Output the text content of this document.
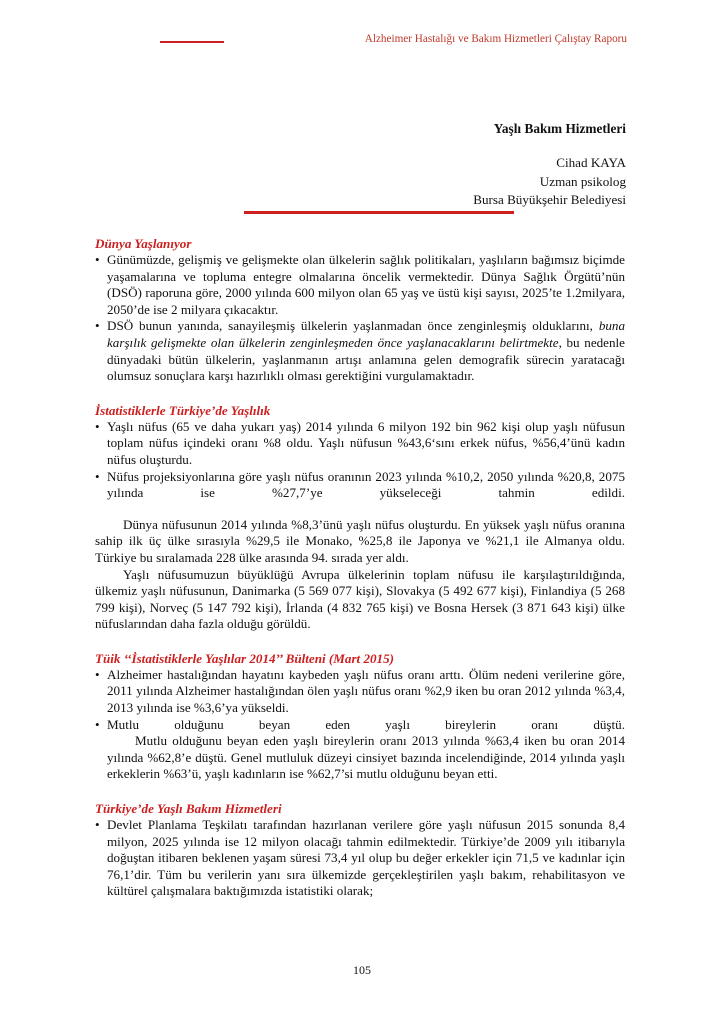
Alzheimer Hastalığı ve Bakım Hizmetleri Çalıştay Raporu
Yaşlı Bakım Hizmetleri
Cihad KAYA
Uzman psikolog
Bursa Büyükşehir Belediyesi
Dünya Yaşlanıyor
• Günümüzde, gelişmiş ve gelişmekte olan ülkelerin sağlık politikaları, yaşlıların bağımsız biçimde yaşamalarına ve topluma entegre olmalarına öncelik vermektedir. Dünya Sağlık Örgütü’nün (DSÖ) raporuna göre, 2000 yılında 600 milyon olan 65 yaş ve üstü kişi sayısı, 2025’te 1.2milyara, 2050’de ise 2 milyara çıkacaktır.
• DSÖ bunun yanında, sanayileşmiş ülkelerin yaşlanmadan önce zenginleşmiş olduklarını, buna karşılık gelişmekte olan ülkelerin zenginleşmeden önce yaşlanacaklarını belirtmekte, bu nedenle dünyadaki bütün ülkelerin, yaşlanmanın artışı anlamına gelen demografik sürecin yaratacağı olumsuz sonuçlara karşı hazırlıklı olması gerektiğini vurgulamaktadır.
İstatistiklerle Türkiye’de Yaşlılık
• Yaşlı nüfus (65 ve daha yukarı yaş) 2014 yılında 6 milyon 192 bin 962 kişi olup yaşlı nüfusun toplam nüfus içindeki oranı %8 oldu. Yaşlı nüfusun %43,6‘sını erkek nüfus, %56,4’ünü kadın nüfus oluşturdu.
• Nüfus projeksiyonlarına göre yaşlı nüfus oranının 2023 yılında %10,2, 2050 yılında %20,8, 2075 yılında ise %27,7’ye yükseleceği tahmin edildi.

Dünya nüfusunun 2014 yılında %8,3’ünü yaşlı nüfus oluşturdu. En yüksek yaşlı nüfus oranına sahip ilk üç ülke sırasıyla %29,5 ile Monako, %25,8 ile Japonya ve %21,1 ile Almanya oldu. Türkiye bu sıralamada 228 ülke arasında 94. sırada yer aldı.

Yaşlı nüfusumuzun büyüklüğü Avrupa ülkelerinin toplam nüfusu ile karşılaştırıldığında, ülkemiz yaşlı nüfusunun, Danimarka (5 569 077 kişi), Slovakya (5 492 677 kişi), Finlandiya (5 268 799 kişi), Norveç (5 147 792 kişi), İrlanda (4 832 765 kişi) ve Bosna Hersek (3 871 643 kişi) ülke nüfuslarından daha fazla olduğu görüldü.

Tüik ‘‘İstatistiklerle Yaşlılar 2014’’ Bülteni (Mart 2015)
• Alzheimer hastalığından hayatını kaybeden yaşlı nüfus oranı arttı. Ölüm nedeni verilerine göre, 2011 yılında Alzheimer hastalığından ölen yaşlı nüfus oranı %2,9 iken bu oran 2012 yılında %3,4, 2013 yılında ise %3,6’ya yükseldi.
• Mutlu olduğunu beyan eden yaşlı bireylerin oranı düştü.

Mutlu olduğunu beyan eden yaşlı bireylerin oranı 2013 yılında %63,4 iken bu oran 2014 yılında %62,8’e düştü. Genel mutluluk düzeyi cinsiyet bazında incelendiğinde, 2014 yılında yaşlı erkeklerin %63’ü, yaşlı kadınların ise %62,7’si mutlu olduğunu beyan etti.

Türkiye’de Yaşlı Bakım Hizmetleri
• Devlet Planlama Teşkilatı tarafından hazırlanan verilere göre yaşlı nüfusun 2015 sonunda 8,4 milyon, 2025 yılında ise 12 milyon olacağı tahmin edilmektedir. Türkiye’de 2009 yılı itibarıyla doğuştan itibaren beklenen yaşam süresi 73,4 yıl olup bu değer erkekler için 71,5 ve kadınlar için 76,1’dir. Tüm bu verilerin yanı sıra ülkemizde gerçekleştirilen yaşlı bakım, rehabilitasyon ve kültürel çalışmalara baktığımızda istatistiki olarak;
105
